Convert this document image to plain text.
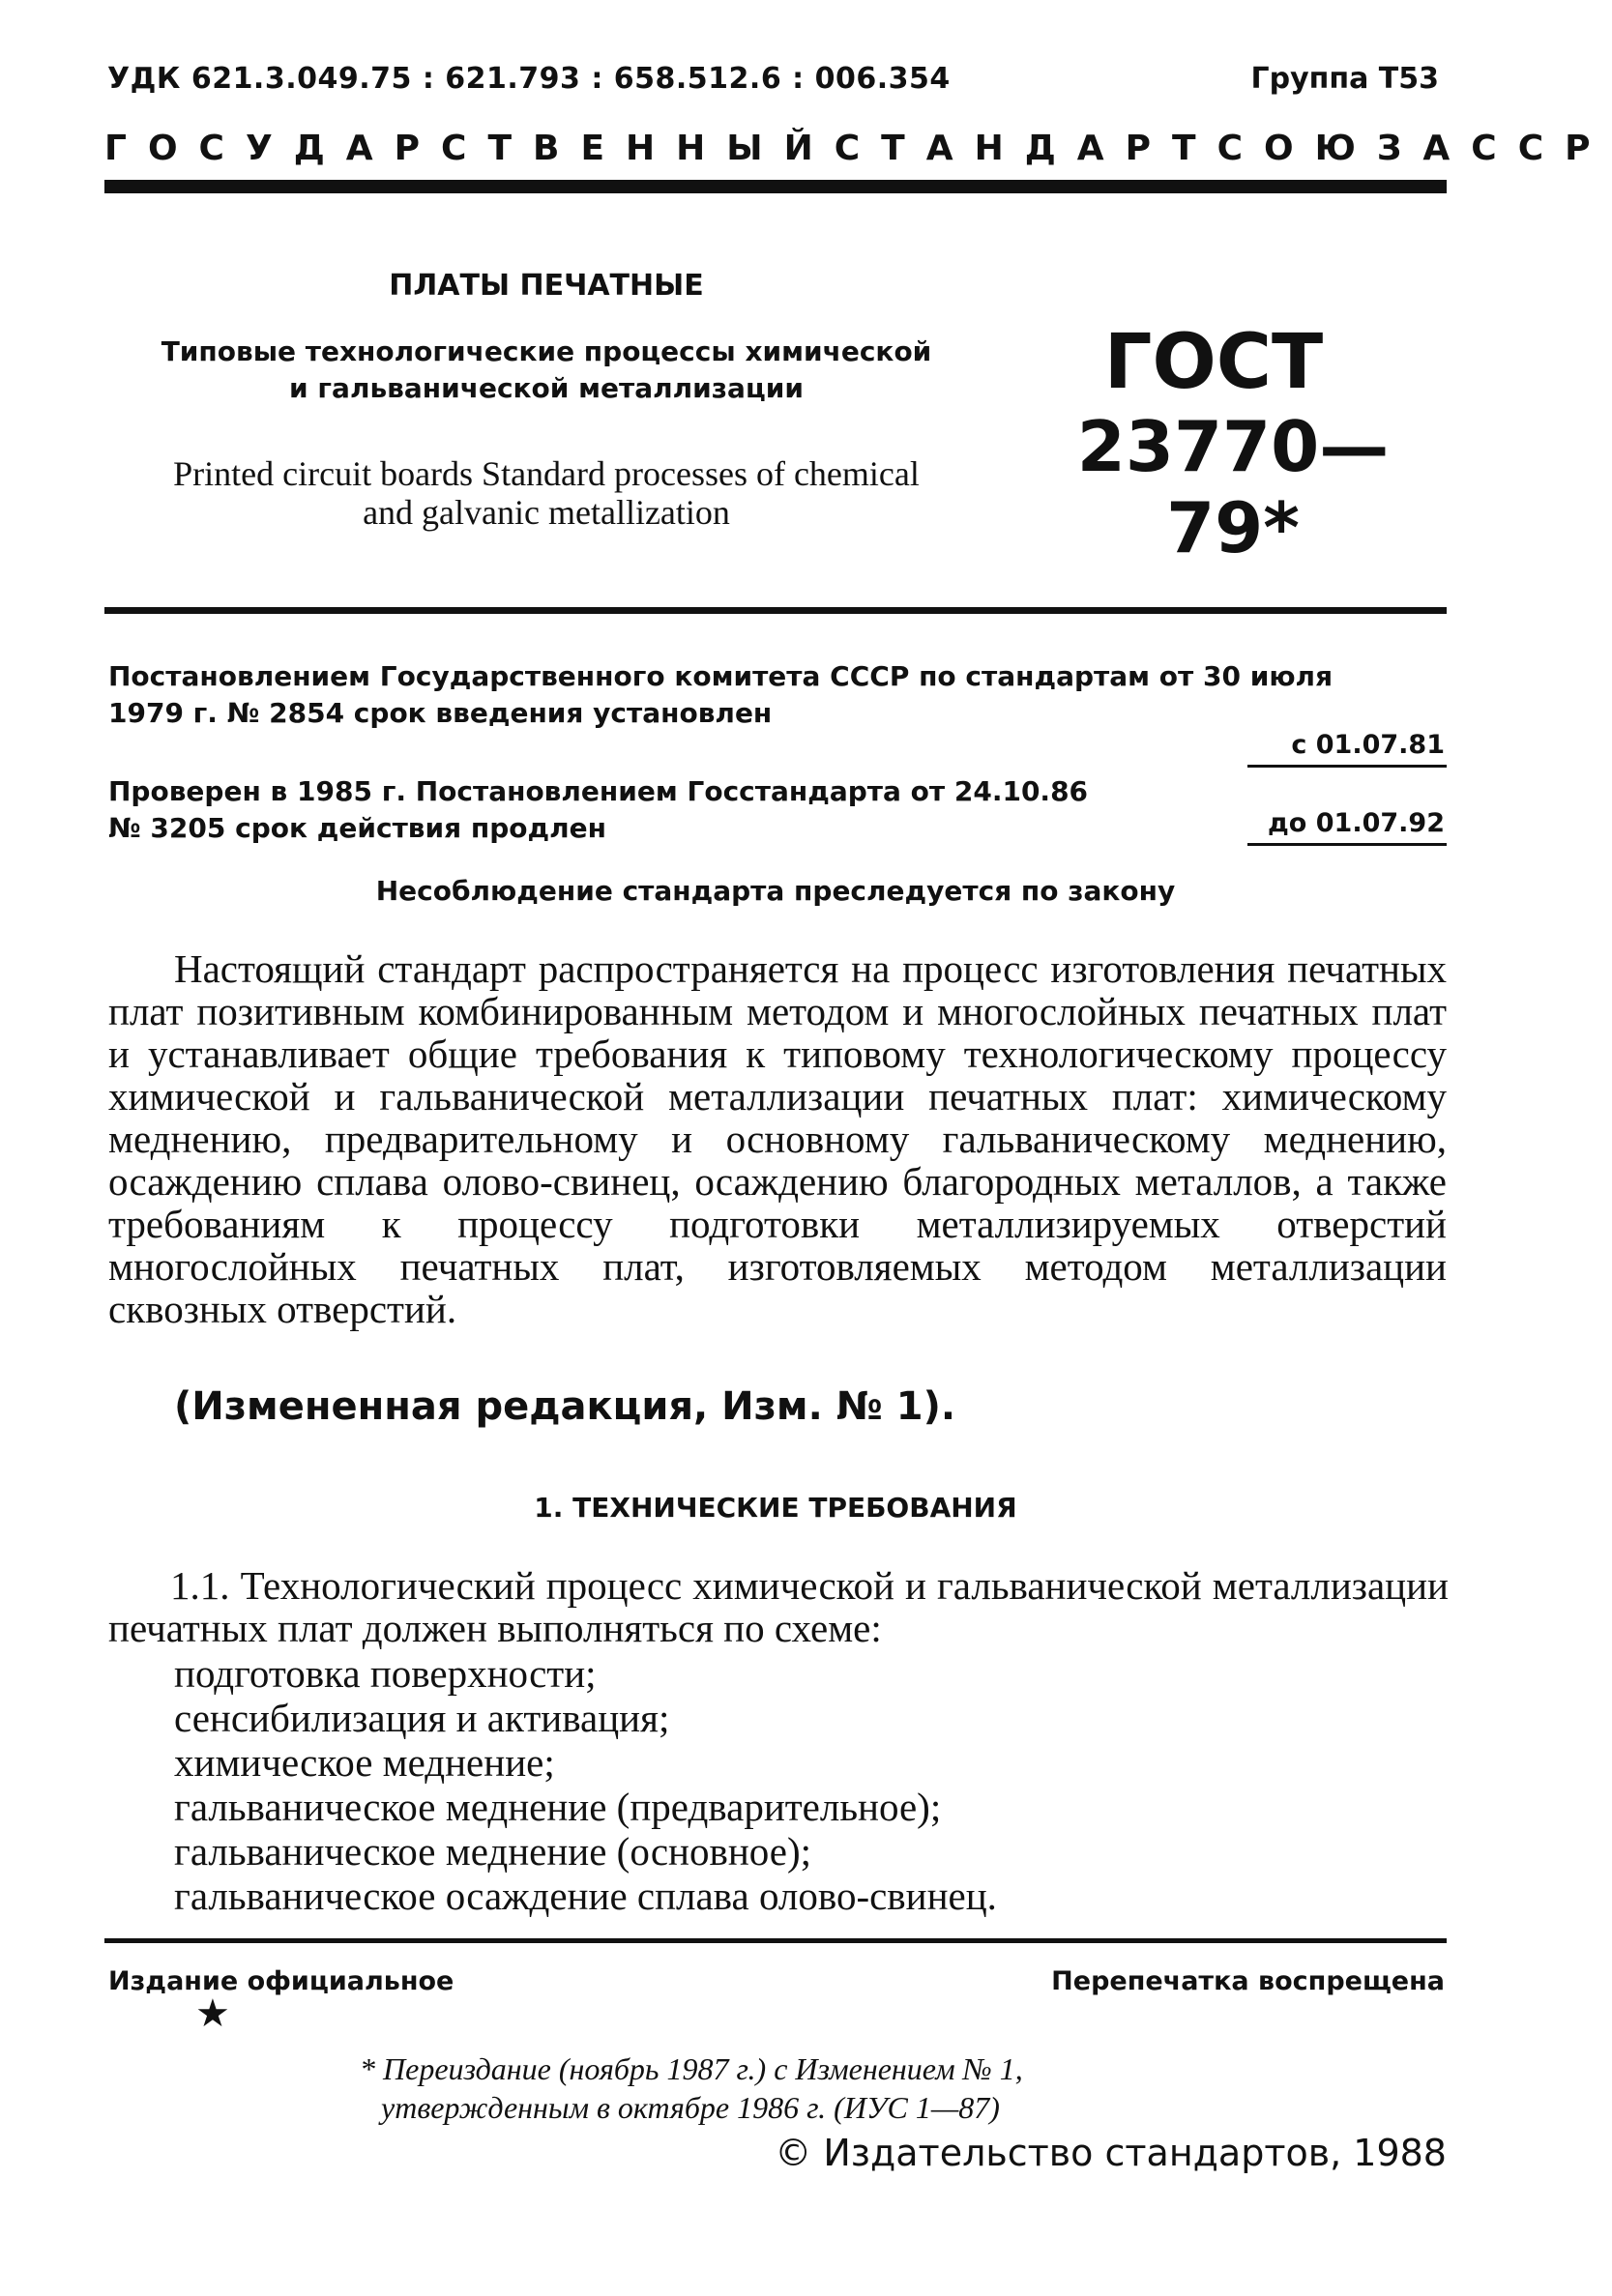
УДК 621.3.049.75 : 621.793 : 658.512.6 : 006.354	Группа Т53
ГОСУДАРСТВЕННЫЙ СТАНДАРТ СОЮЗА ССР
ПЛАТЫ ПЕЧАТНЫЕ
Типовые технологические процессы химической
и гальванической металлизации
Printed circuit boards Standard processes of chemical
and galvanic metallization
ГОСТ
23770—79*
Постановлением Государственного комитета СССР по стандартам от 30 июля
1979 г. № 2854 срок введения установлен
с 01.07.81
Проверен в 1985 г. Постановлением Госстандарта от 24.10.86
№ 3205 срок действия продлен	до 01.07.92
Несоблюдение стандарта преследуется по закону
Настоящий стандарт распространяется на процесс изготовления печатных плат позитивным комбинированным методом и многослойных печатных плат и устанавливает общие требования к типовому технологическому процессу химической и гальванической металлизации печатных плат: химическому меднению, предварительному и основному гальваническому меднению, осаждению сплава олово-свинец, осаждению благородных металлов, а также требованиям к процессу подготовки металлизируемых отверстий многослойных печатных плат, изготовляемых методом металлизации сквозных отверстий.
(Измененная редакция, Изм. № 1).
1. ТЕХНИЧЕСКИЕ ТРЕБОВАНИЯ
1.1. Технологический процесс химической и гальванической металлизации печатных плат должен выполняться по схеме:
подготовка поверхности;
сенсибилизация и активация;
химическое меднение;
гальваническое меднение (предварительное);
гальваническое меднение (основное);
гальваническое осаждение сплава олово-свинец.
Издание официальное	Перепечатка воспрещена
★
* Переиздание (ноябрь 1987 г.) с Изменением № 1,
утвержденным в октябре 1986 г. (ИУС 1—87)
© Издательство стандартов, 1988
